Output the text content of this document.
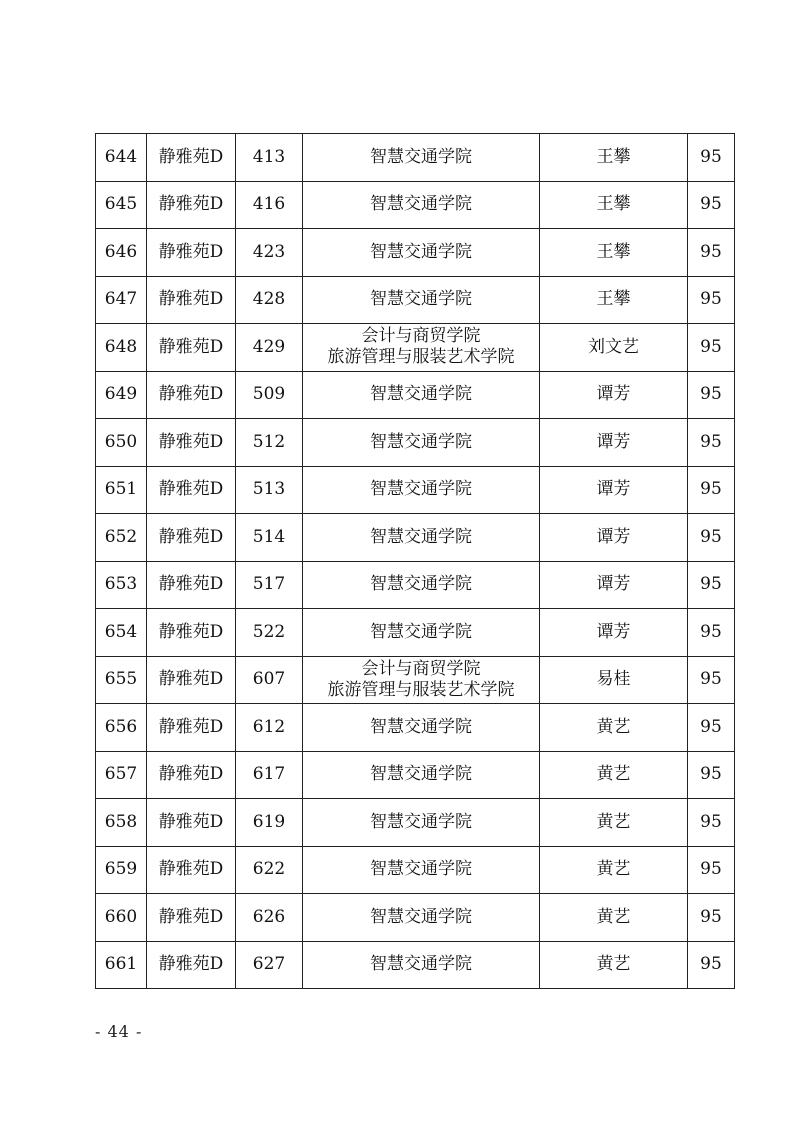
644	静雅苑D	413	智慧交通学院	王攀	95
645	静雅苑D	416	智慧交通学院	王攀	95
646	静雅苑D	423	智慧交通学院	王攀	95
647	静雅苑D	428	智慧交通学院	王攀	95
648	静雅苑D	429	会计与商贸学院
旅游管理与服装艺术学院	刘文艺	95
649	静雅苑D	509	智慧交通学院	谭芳	95
650	静雅苑D	512	智慧交通学院	谭芳	95
651	静雅苑D	513	智慧交通学院	谭芳	95
652	静雅苑D	514	智慧交通学院	谭芳	95
653	静雅苑D	517	智慧交通学院	谭芳	95
654	静雅苑D	522	智慧交通学院	谭芳	95
655	静雅苑D	607	会计与商贸学院
旅游管理与服装艺术学院	易桂	95
656	静雅苑D	612	智慧交通学院	黄艺	95
657	静雅苑D	617	智慧交通学院	黄艺	95
658	静雅苑D	619	智慧交通学院	黄艺	95
659	静雅苑D	622	智慧交通学院	黄艺	95
660	静雅苑D	626	智慧交通学院	黄艺	95
661	静雅苑D	627	智慧交通学院	黄艺	95
- 44 -
